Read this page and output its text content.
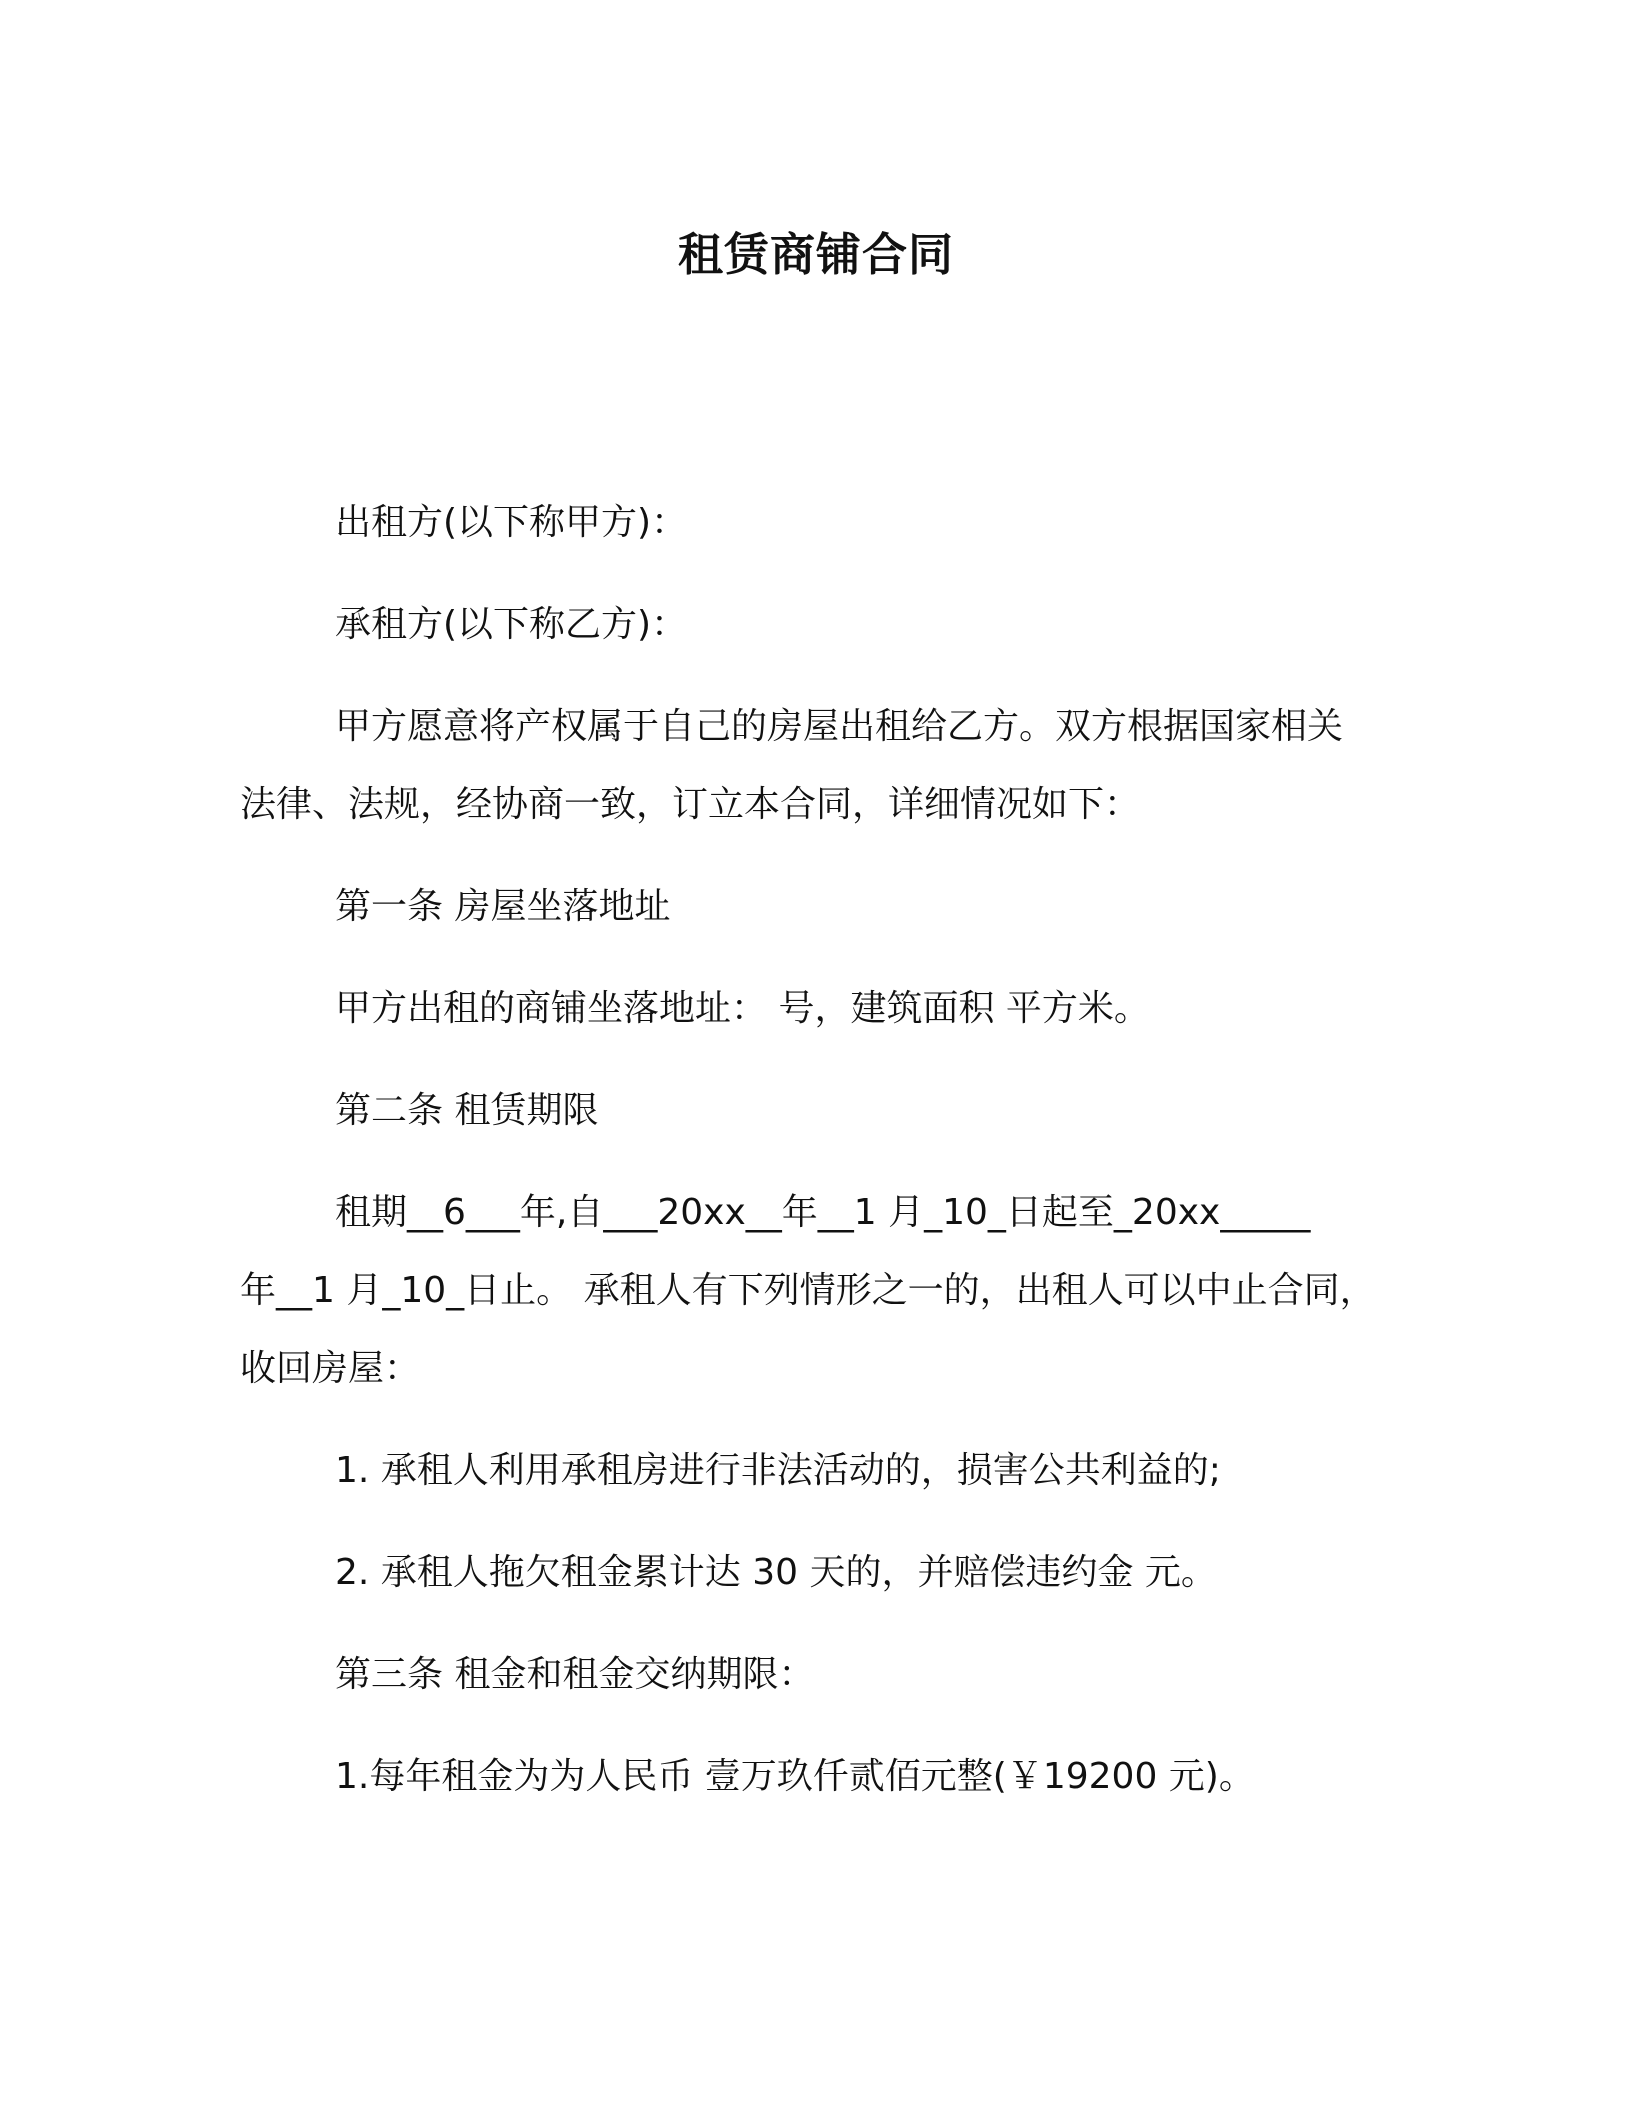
租赁商铺合同
出租方(以下称甲方)：
承租方(以下称乙方)：
甲方愿意将产权属于自己的房屋出租给乙方。双方根据国家相关
法律、法规，经协商一致，订立本合同，详细情况如下：
第一条 房屋坐落地址
甲方出租的商铺坐落地址： 号，建筑面积 平方米。
第二条 租赁期限
租期__6___年,自___20xx__年__1 月_10_日起至_20xx_____
年__1 月_10_日止。 承租人有下列情形之一的，出租人可以中止合同，
收回房屋：
1. 承租人利用承租房进行非法活动的，损害公共利益的;
2. 承租人拖欠租金累计达 30 天的，并赔偿违约金 元。
第三条 租金和租金交纳期限：
1.每年租金为为人民币 壹万玖仟贰佰元整(￥19200 元)。
